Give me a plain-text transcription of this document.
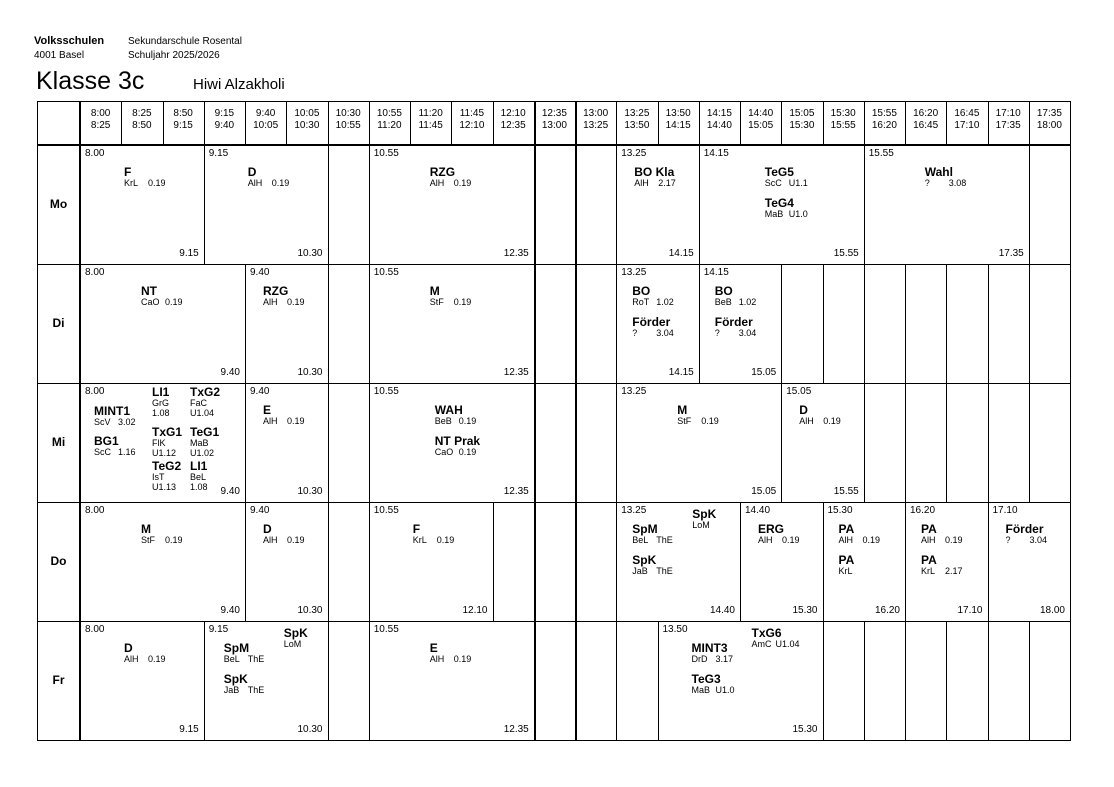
Volksschulen
4001 Basel
Sekundarschule Rosental
Schuljahr 2025/2026
Klasse 3c	Hiwi Alzakholi
8:00
8:25
8:25
8:50
8:50
9:15
9:15
9:40
9:40
10:05
10:05
10:30
10:30
10:55
10:55
11:20
11:20
11:45
11:45
12:10
12:10
12:35
12:35
13:00
13:00
13:25
13:25
13:50
13:50
14:15
14:15
14:40
14:40
15:05
15:05
15:30
15:30
15:55
15:55
16:20
16:20
16:45
16:45
17:10
17:10
17:35
17:35
18:00
Mo
8.00
9.15
F
KrL 0.19
9.15
10.30
D
AlH 0.19
10.55
12.35
RZG
AlH 0.19
13.25
14.15
BO Kla
AlH 2.17
14.15
15.55
TeG5
ScC U1.1
TeG4
MaB U1.0
15.55
17.35
Wahl
? 3.08
Di
8.00
9.40
NT
CaO 0.19
9.40
10.30
RZG
AlH 0.19
10.55
12.35
M
StF 0.19
13.25
14.15
BO
RoT 1.02
Förder
? 3.04
14.15
15.05
BO
BeB 1.02
Förder
? 3.04
Mi
8.00
9.40
MINT1
ScV 3.02
BG1
ScC 1.16
LI1
GrG
1.08
TxG1
FlK
U1.12
TeG2
IsT
U1.13
TxG2
FaC
U1.04
TeG1
MaB
U1.02
LI1
BeL
1.08
9.40
10.30
E
AlH 0.19
10.55
12.35
WAH
BeB 0.19
NT Prak
CaO 0.19
13.25
15.05
M
StF 0.19
15.05
15.55
D
AlH 0.19
Do
8.00
9.40
M
StF 0.19
9.40
10.30
D
AlH 0.19
10.55
12.10
F
KrL 0.19
13.25
14.40
SpM
BeL ThE
SpK
JaB ThE
SpK
LoM
14.40
15.30
ERG
AlH 0.19
15.30
16.20
PA
AlH 0.19
PA
KrL
16.20
17.10
PA
AlH 0.19
PA
KrL 2.17
17.10
18.00
Förder
? 3.04
Fr
8.00
9.15
D
AlH 0.19
9.15
10.30
SpM
BeL ThE
SpK
JaB ThE
SpK
LoM
10.55
12.35
E
AlH 0.19
13.50
15.30
MINT3
DrD 3.17
TeG3
MaB U1.0
TxG6
AmC U1.04
